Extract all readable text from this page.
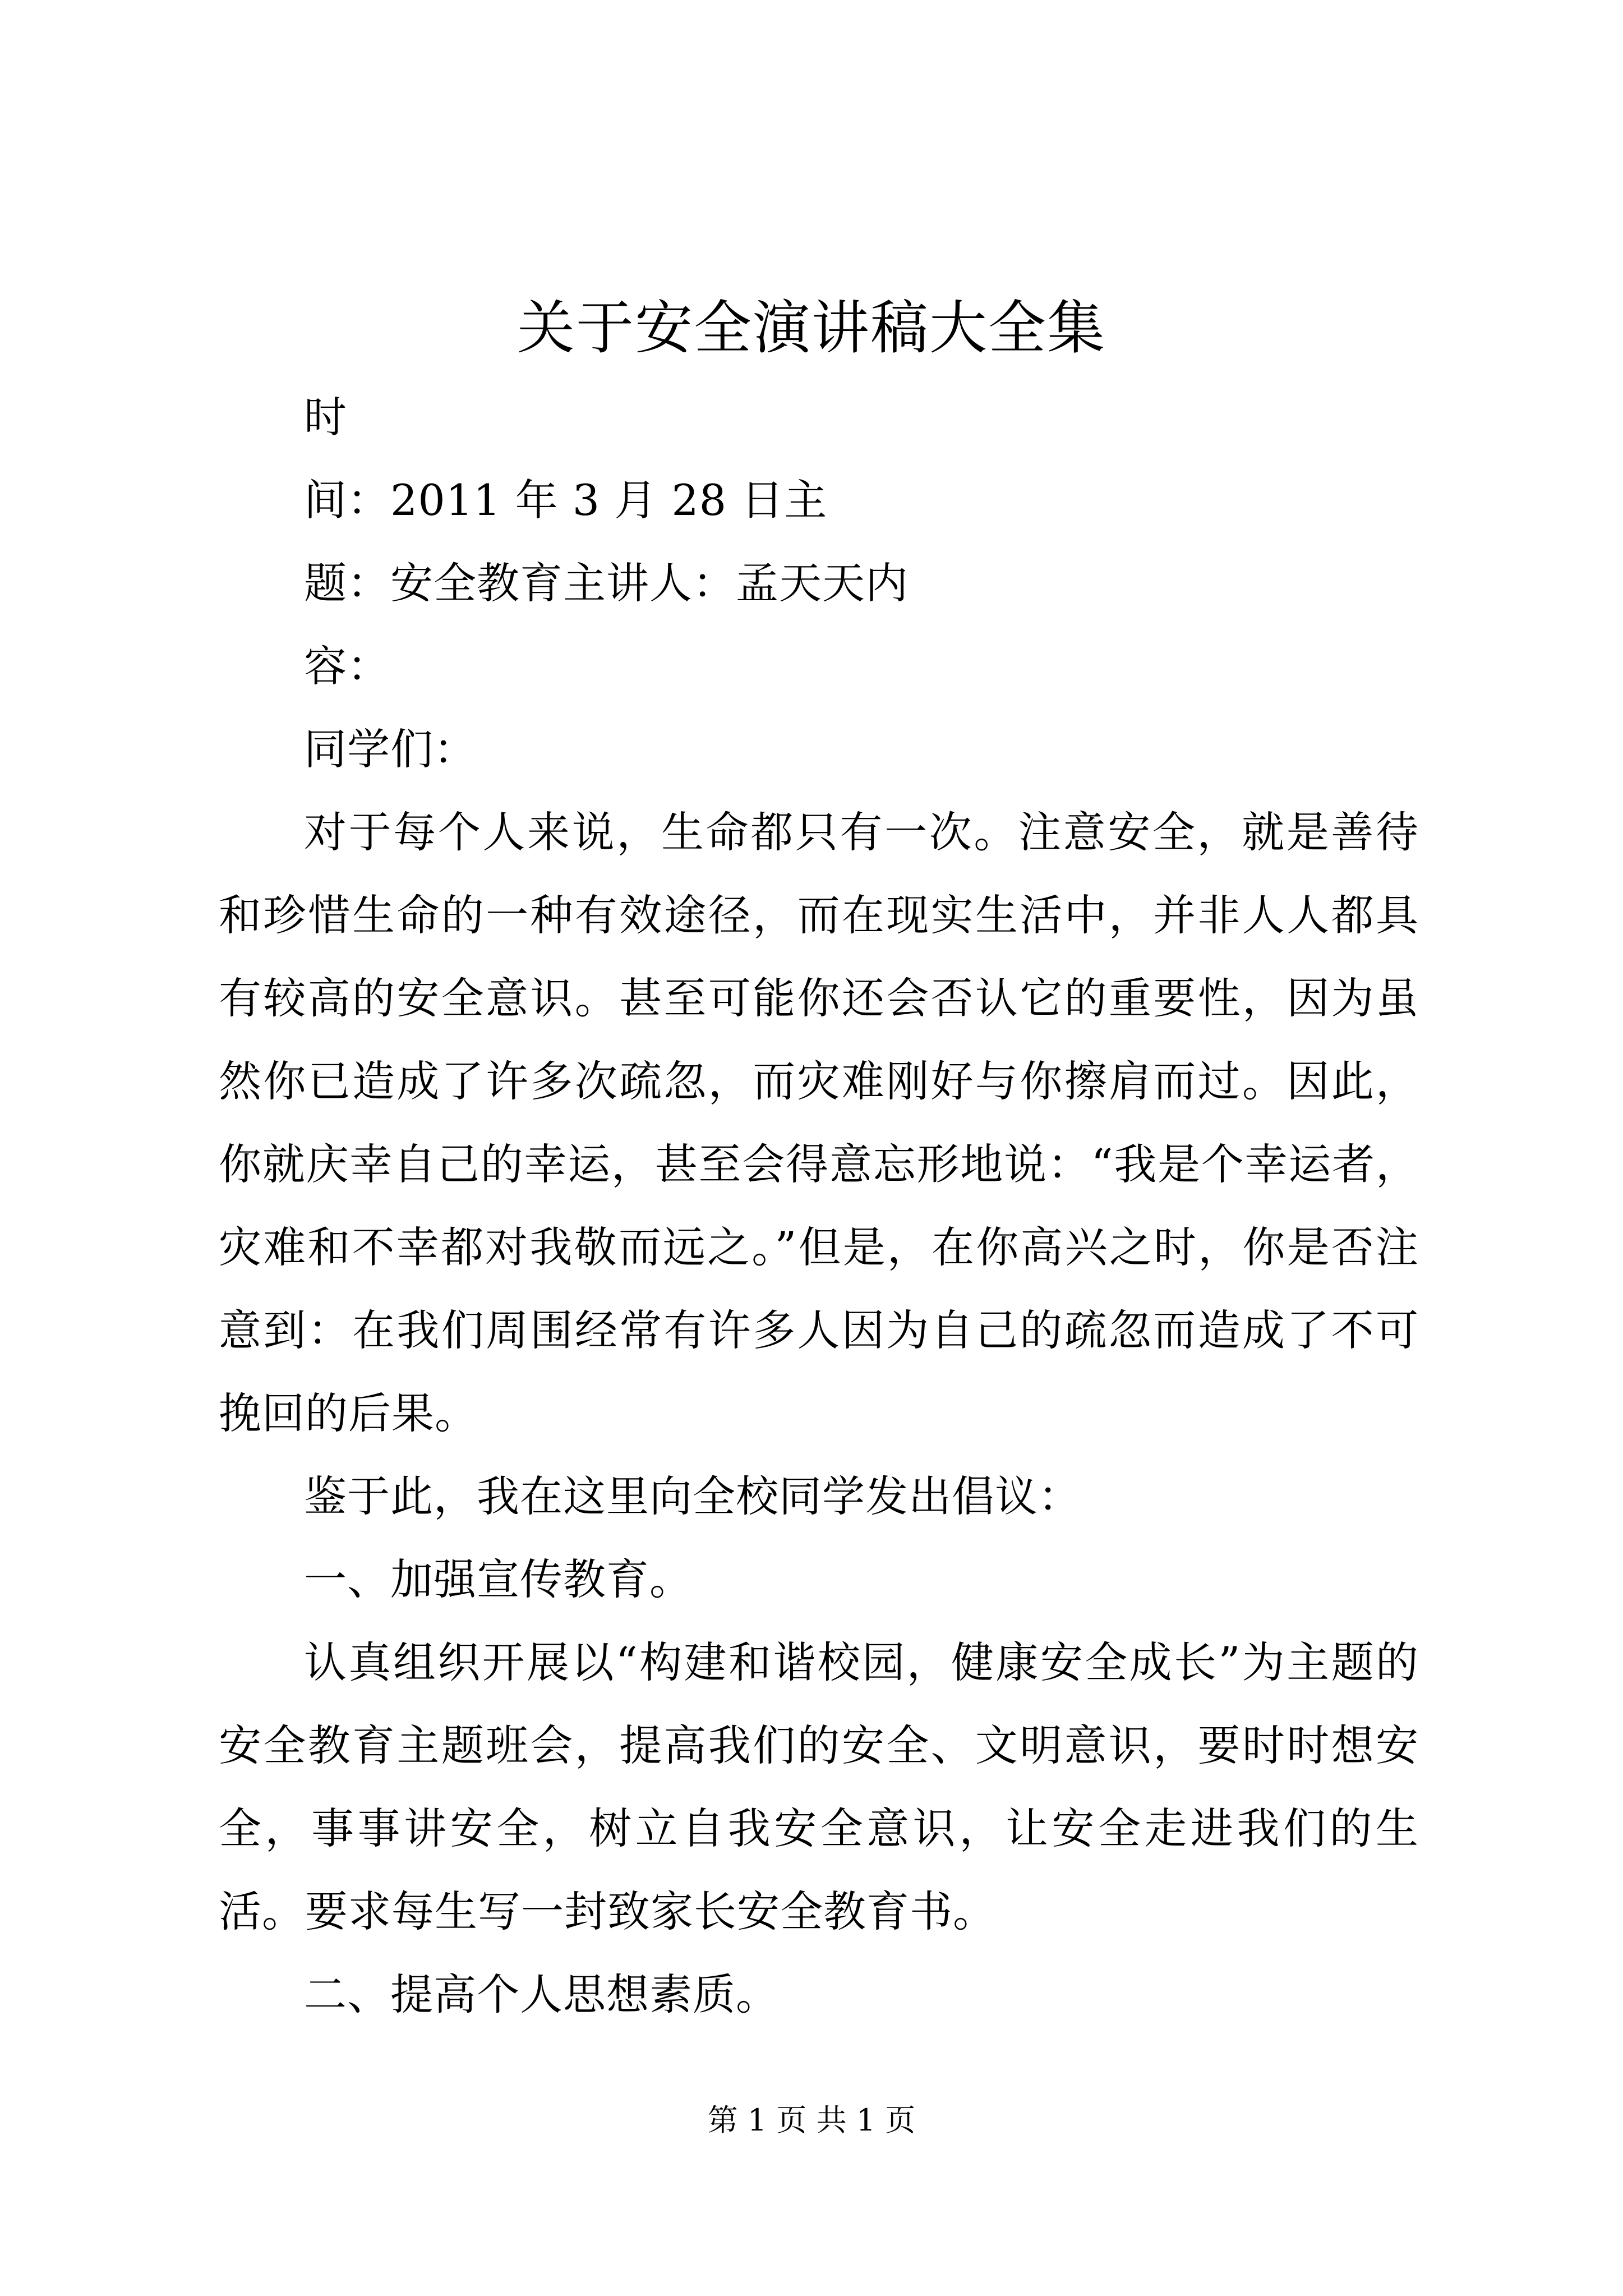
关于安全演讲稿大全集

时

间：2011 年 3 月 28 日主

题：安全教育主讲人：孟天天内

容：

同学们：

对于每个人来说，生命都只有一次。注意安全，就是善待和珍惜生命的一种有效途径，而在现实生活中，并非人人都具有较高的安全意识。甚至可能你还会否认它的重要性，因为虽然你已造成了许多次疏忽，而灾难刚好与你擦肩而过。因此，你就庆幸自己的幸运，甚至会得意忘形地说：“我是个幸运者，灾难和不幸都对我敬而远之。”但是，在你高兴之时，你是否注意到：在我们周围经常有许多人因为自己的疏忽而造成了不可挽回的后果。

鉴于此，我在这里向全校同学发出倡议：

一、加强宣传教育。

认真组织开展以“构建和谐校园，健康安全成长”为主题的安全教育主题班会，提高我们的安全、文明意识，要时时想安全，事事讲安全，树立自我安全意识，让安全走进我们的生活。要求每生写一封致家长安全教育书。

二、提高个人思想素质。

第 1 页 共 1 页
